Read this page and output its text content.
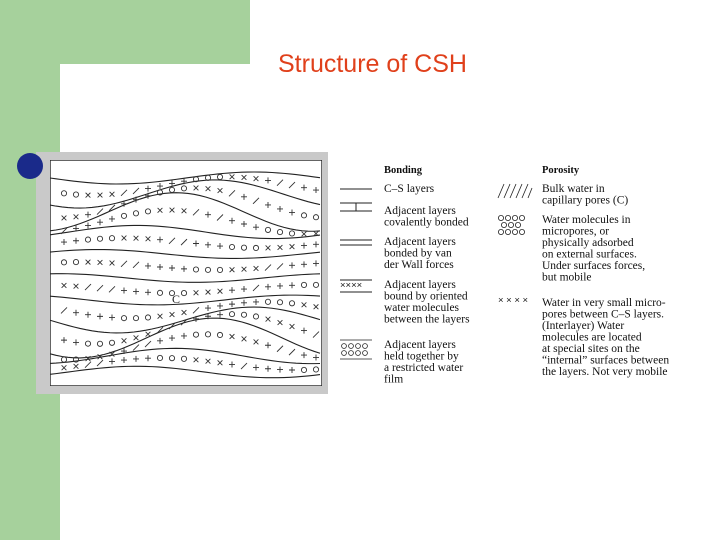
Structure of CSH
C
Bonding	Porosity
××××
× × × ×
C–S layers
Adjacent layers
covalently bonded
Adjacent layers
bonded by van
der Wall forces
Adjacent layers
bound by oriented
water molecules
between the layers
Adjacent layers
held together by
a restricted water
film
Bulk water in
capillary pores (C)
Water molecules in
micropores, or
physically adsorbed
on external surfaces.
Under surfaces forces,
but mobile
Water in very small micro-
pores between C–S layers.
(Interlayer) Water
molecules are located
at special sites on the
“internal” surfaces between
the layers. Not very mobile
